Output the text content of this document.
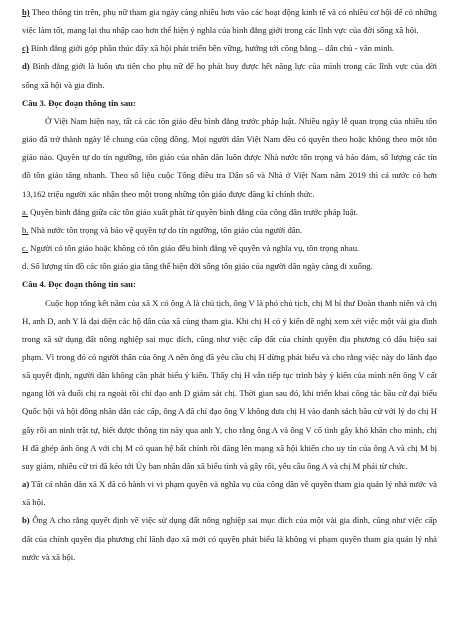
b) Theo thông tin trên, phụ nữ tham gia ngày càng nhiều hơn vào các hoạt động kinh tế và có nhiều cơ hội để có những việc làm tốt, mang lại thu nhập cao hơn thể hiện ý nghĩa của bình đẳng giới trong các lĩnh vực của đời sống xã hội.

c) Bình đẳng giới góp phần thúc đẩy xã hội phát triển bền vững, hướng tới công bằng – dân chủ - văn minh.

d) Bình đẳng giới là luôn ưu tiên cho phụ nữ để họ phát huy được hết năng lực của mình trong các lĩnh vực của đời sống xã hội và gia đình.

Câu 3. Đọc đoạn thông tin sau:

Ở Việt Nam hiện nay, tất cả các tôn giáo đều bình đẳng trước pháp luật. Nhiều ngày lễ quan trọng của nhiều tôn giáo đã trở thành ngày lễ chung của cộng đồng. Mọi người dân Việt Nam đều có quyền theo hoặc không theo một tôn giáo nào. Quyền tự do tín ngưỡng, tôn giáo của nhân dân luôn được Nhà nước tôn trọng và bảo đảm, số lượng các tín đồ tôn giáo tăng nhanh. Theo số liệu cuộc Tổng điều tra Dân số và Nhà ở Việt Nam năm 2019 thì cả nước có hơn 13,162 triệu người xác nhận theo một trong những tôn giáo được đăng kí chính thức.

a. Quyền bình đẳng giữa các tôn giáo xuất phát từ quyền bình đẳng của công dân trước pháp luật.

b. Nhà nước tôn trọng và bảo vệ quyền tự do tín ngưỡng, tôn giáo của người dân.

c. Người có tôn giáo hoặc không có tôn giáo đều bình đẳng về quyền và nghĩa vụ, tôn trọng nhau.

d. Số lượng tín đồ các tôn giáo gia tăng thể hiện đời sống tôn giáo của người dân ngày càng đi xuống.

Câu 4. Đọc đoạn thông tin sau:

Cuộc họp tổng kết năm của xã X có ông A là chủ tịch, ông V là phó chủ tịch, chị M bí thư Đoàn thanh niên và chị H, anh D, anh Y là đại diện các hộ dân của xã cùng tham gia. Khi chị H có ý kiến đề nghị xem xét việc một vài gia đình trong xã sử dụng đất nông nghiệp sai mục đích, cũng như việc cấp đất của chính quyền địa phương có dấu hiệu sai phạm. Vì trong đó có người thân của ông A nên ông đã yêu cầu chị H dừng phát biểu và cho rằng việc này do lãnh đạo xã quyết định, người dân không cần phát biểu ý kiến. Thấy chị H vẫn tiếp tục trình bày ý kiến của mình nên ông V cất ngang lời và đuổi chị ra ngoài rồi chỉ đạo anh D giám sát chị. Thời gian sau đó, khi triển khai công tác bầu cử đại biểu Quốc hội và hội đồng nhân dân các cấp, ông A đã chỉ đạo ông V không đưa chị H vào danh sách bầu cử với lý do chị H gây rối an ninh trật tự, biết được thông tin này qua anh Y, cho rằng ông A và ông V cố tình gây khó khăn cho mình, chị H đã ghép ảnh ông A với chị M có quan hệ bất chính rồi đăng lên mạng xã hội khiến cho uy tín của ông A và chị M bị suy giảm, nhiều cử tri đã kéo tới Ủy ban nhân dân xã biểu tình và gây rối, yêu cầu ông A và chị M phải từ chức.

a) Tất cả nhân dân xã X đã có hành vi vi phạm quyền và nghĩa vụ của công dân về quyền tham gia quản lý nhà nước và xã hội.

b) Ông A cho rằng quyết định về việc sử dụng đất nông nghiệp sai mục đích của một vài gia đình, cũng như việc cấp đất của chính quyền địa phương chỉ lãnh đạo xã mới có quyền phát biểu là không vi phạm quyền tham gia quản lý nhà nước và xã hội.
